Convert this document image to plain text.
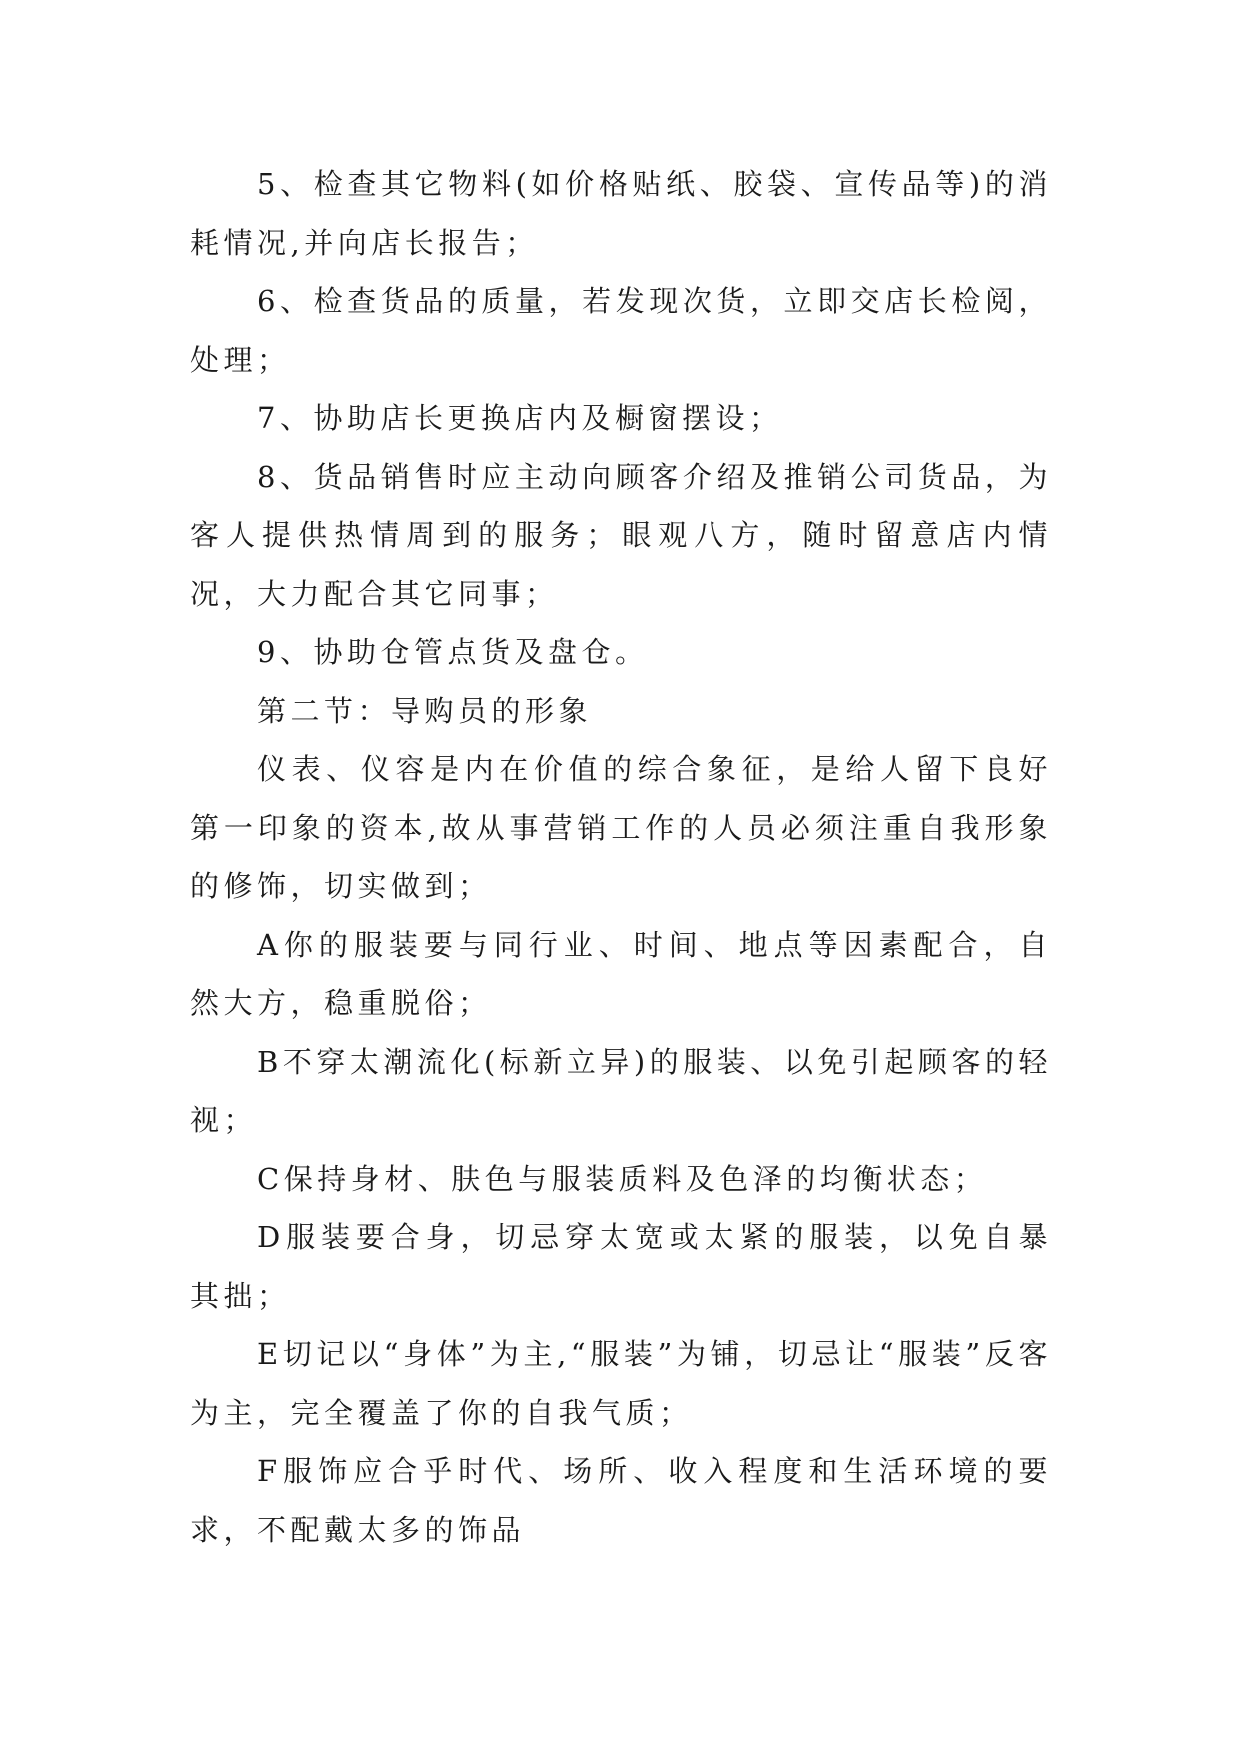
5、检查其它物料(如价格贴纸、胶袋、宣传品等)的消耗情况,并向店长报告；

6、检查货品的质量，若发现次货，立即交店长检阅，处理；

7、协助店长更换店内及橱窗摆设；

8、货品销售时应主动向顾客介绍及推销公司货品，为客人提供热情周到的服务；眼观八方，随时留意店内情况，大力配合其它同事；

9、协助仓管点货及盘仓。

第二节：导购员的形象

仪表、仪容是内在价值的综合象征，是给人留下良好第一印象的资本,故从事营销工作的人员必须注重自我形象的修饰，切实做到；

A你的服装要与同行业、时间、地点等因素配合，自然大方，稳重脱俗；

B不穿太潮流化(标新立异)的服装、以免引起顾客的轻视；

C保持身材、肤色与服装质料及色泽的均衡状态；

D服装要合身，切忌穿太宽或太紧的服装，以免自暴其拙；

E切记以“身体”为主,“服装”为铺，切忌让“服装”反客为主，完全覆盖了你的自我气质；

F服饰应合乎时代、场所、收入程度和生活环境的要求，不配戴太多的饰品
